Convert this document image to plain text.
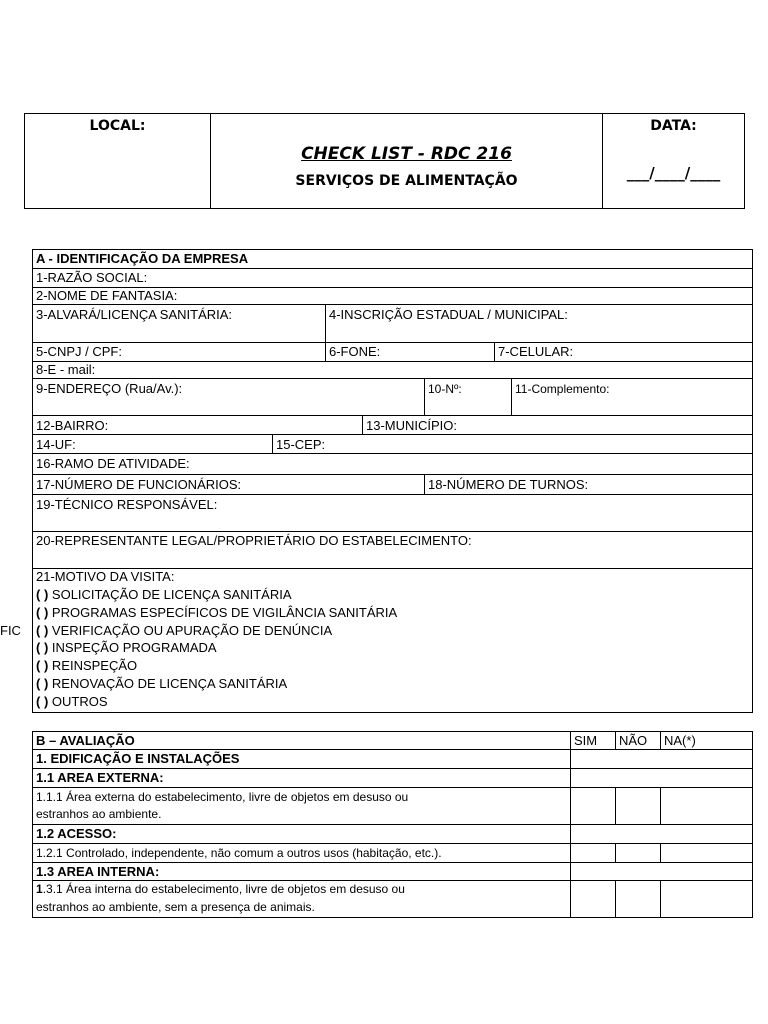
LOCAL:
CHECK LIST - RDC 216
SERVIÇOS DE ALIMENTAÇÃO
DATA:
___/____/____
A - IDENTIFICAÇÃO DA EMPRESA
1-RAZÃO SOCIAL:
2-NOME DE FANTASIA:
3-ALVARÁ/LICENÇA SANITÁRIA:	4-INSCRIÇÃO ESTADUAL / MUNICIPAL:
5-CNPJ / CPF:	6-FONE:	7-CELULAR:
8-E - mail:
9-ENDEREÇO (Rua/Av.):	10-Nº:	11-Complemento:
12-BAIRRO:	13-MUNICÍPIO:
14-UF:	15-CEP:
16-RAMO DE ATIVIDADE:
17-NÚMERO DE FUNCIONÁRIOS:	18-NÚMERO DE TURNOS:
19-TÉCNICO RESPONSÁVEL:
20-REPRESENTANTE LEGAL/PROPRIETÁRIO DO ESTABELECIMENTO:
21-MOTIVO DA VISITA:
FIC
( ) SOLICITAÇÃO DE LICENÇA SANITÁRIA
( ) PROGRAMAS ESPECÍFICOS DE VIGILÂNCIA SANITÁRIA
( ) VERIFICAÇÃO OU APURAÇÃO DE DENÚNCIA
( ) INSPEÇÃO PROGRAMADA
( ) REINSPEÇÃO
( ) RENOVAÇÃO DE LICENÇA SANITÁRIA
( ) OUTROS
B – AVALIAÇÃO	SIM NÃO NA(*)
1. EDIFICAÇÃO E INSTALAÇÕES
1.1 AREA EXTERNA:
1.1.1 Área externa do estabelecimento, livre de objetos em desuso ou
estranhos ao ambiente.
1.2 ACESSO:
1.2.1 Controlado, independente, não comum a outros usos (habitação, etc.).
1.3 AREA INTERNA:
1.3.1 Área interna do estabelecimento, livre de objetos em desuso ou
estranhos ao ambiente, sem a presença de animais.
